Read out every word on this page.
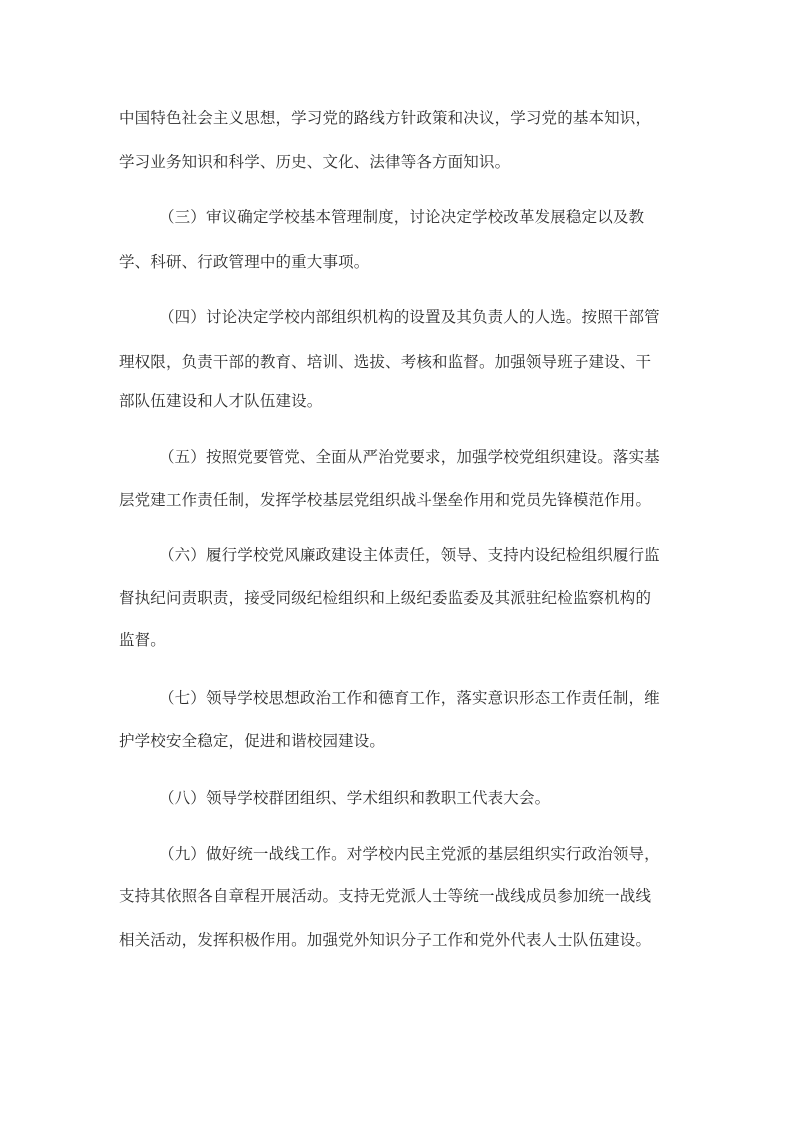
中国特色社会主义思想，学习党的路线方针政策和决议，学习党的基本知识，
学习业务知识和科学、历史、文化、法律等各方面知识。
（三）审议确定学校基本管理制度，讨论决定学校改革发展稳定以及教
学、科研、行政管理中的重大事项。
（四）讨论决定学校内部组织机构的设置及其负责人的人选。按照干部管
理权限，负责干部的教育、培训、选拔、考核和监督。加强领导班子建设、干
部队伍建设和人才队伍建设。
（五）按照党要管党、全面从严治党要求，加强学校党组织建设。落实基
层党建工作责任制，发挥学校基层党组织战斗堡垒作用和党员先锋模范作用。
（六）履行学校党风廉政建设主体责任，领导、支持内设纪检组织履行监
督执纪问责职责，接受同级纪检组织和上级纪委监委及其派驻纪检监察机构的
监督。
（七）领导学校思想政治工作和德育工作，落实意识形态工作责任制，维
护学校安全稳定，促进和谐校园建设。
（八）领导学校群团组织、学术组织和教职工代表大会。
（九）做好统一战线工作。对学校内民主党派的基层组织实行政治领导，
支持其依照各自章程开展活动。支持无党派人士等统一战线成员参加统一战线
相关活动，发挥积极作用。加强党外知识分子工作和党外代表人士队伍建设。
